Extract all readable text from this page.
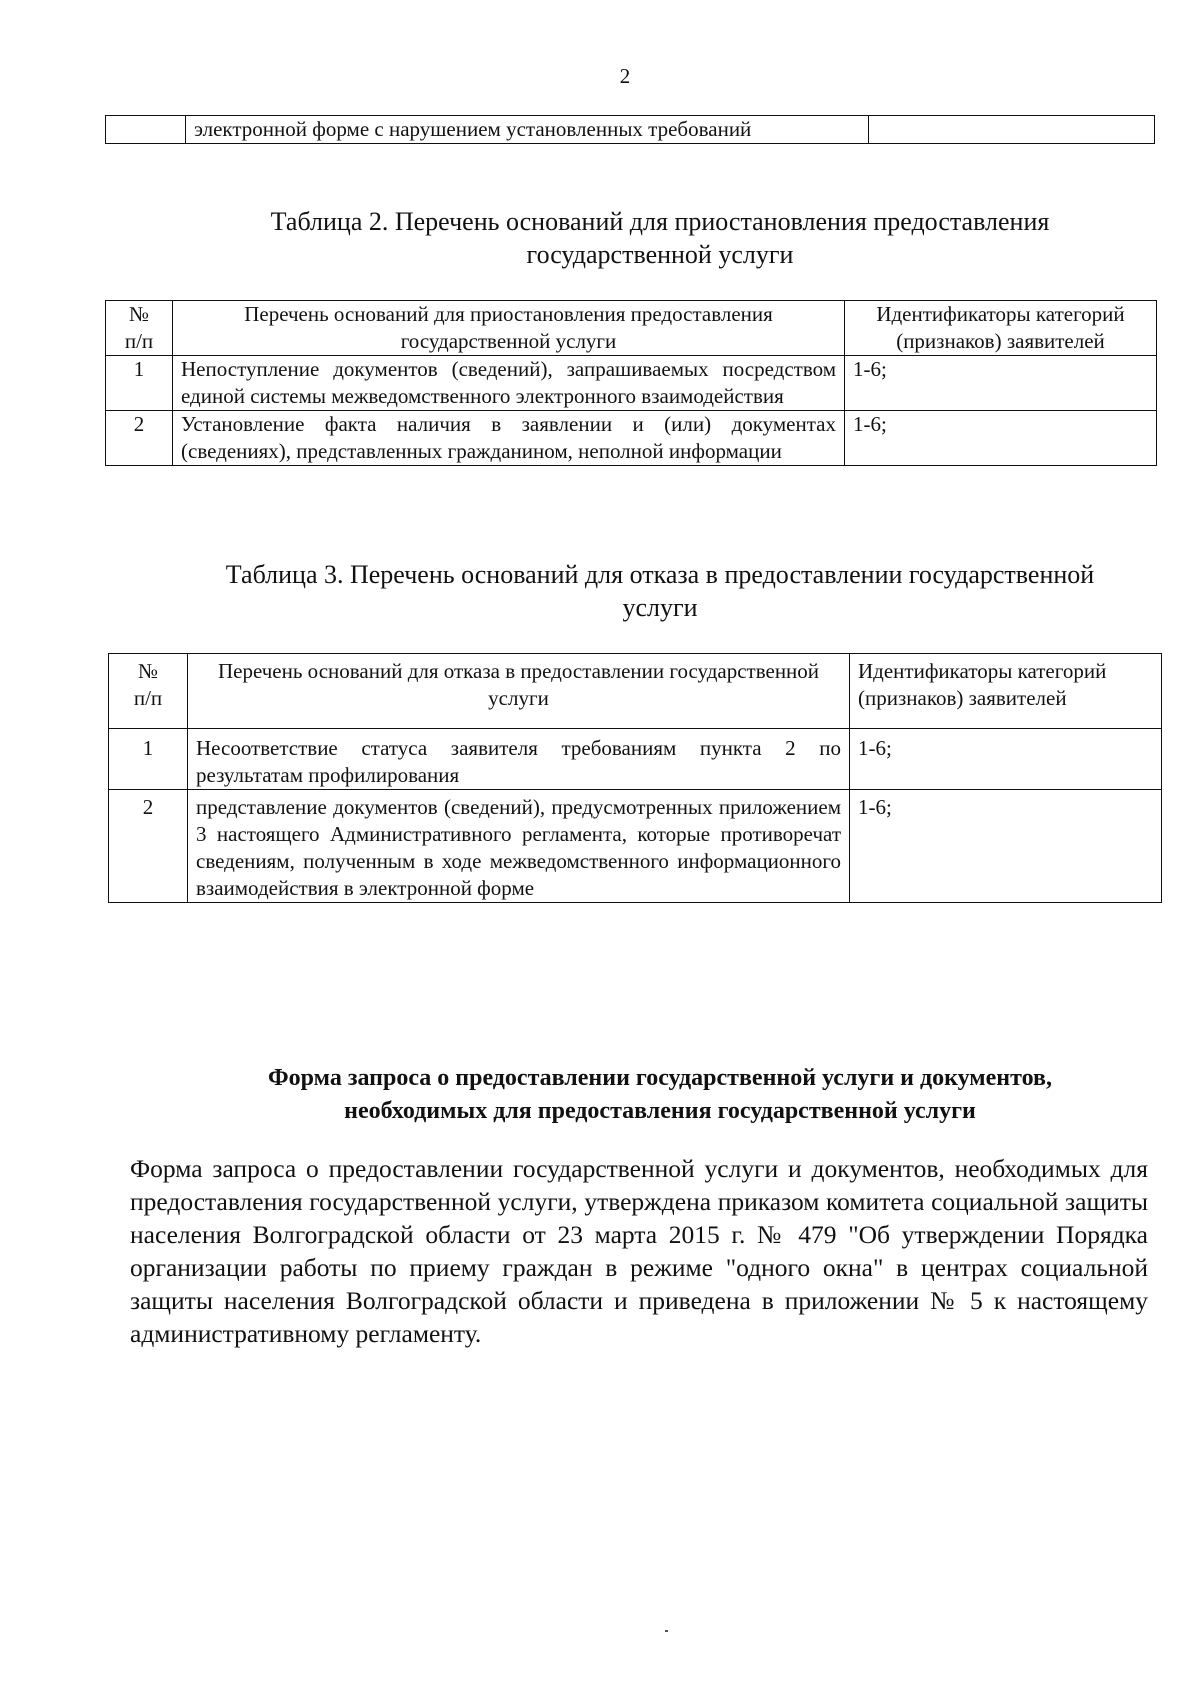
2
	электронной форме с нарушением установленных требований	
Таблица 2. Перечень оснований для приостановления предоставления
государственной услуги
№
п/п	Перечень оснований для приостановления предоставления государственной услуги	Идентификаторы категорий (признаков) заявителей
1	Непоступление документов (сведений), запрашиваемых посредством единой системы межведомственного электронного взаимодействия	1-6;
2	Установление факта наличия в заявлении и (или) документах (сведениях), представленных гражданином, неполной информации	1-6;
Таблица 3. Перечень оснований для отказа в предоставлении государственной
услуги
№
п/п	Перечень оснований для отказа в предоставлении государственной услуги	Идентификаторы категорий (признаков) заявителей
1	Несоответствие статуса заявителя требованиям пункта 2 по результатам профилирования	1-6;
2	представление документов (сведений), предусмотренных приложением 3 настоящего Административного регламента, которые противоречат сведениям, полученным в ходе межведомственного информационного взаимодействия в электронной форме	1-6;
Форма запроса о предоставлении государственной услуги и документов,
необходимых для предоставления государственной услуги
Форма запроса о предоставлении государственной услуги и документов, необходимых для предоставления государственной услуги, утверждена приказом комитета социальной защиты населения Волгоградской области от 23 марта 2015 г. № 479 "Об утверждении Порядка организации работы по приему граждан в режиме "одного окна" в центрах социальной защиты населения Волгоградской области и приведена в приложении № 5 к настоящему административному регламенту.
